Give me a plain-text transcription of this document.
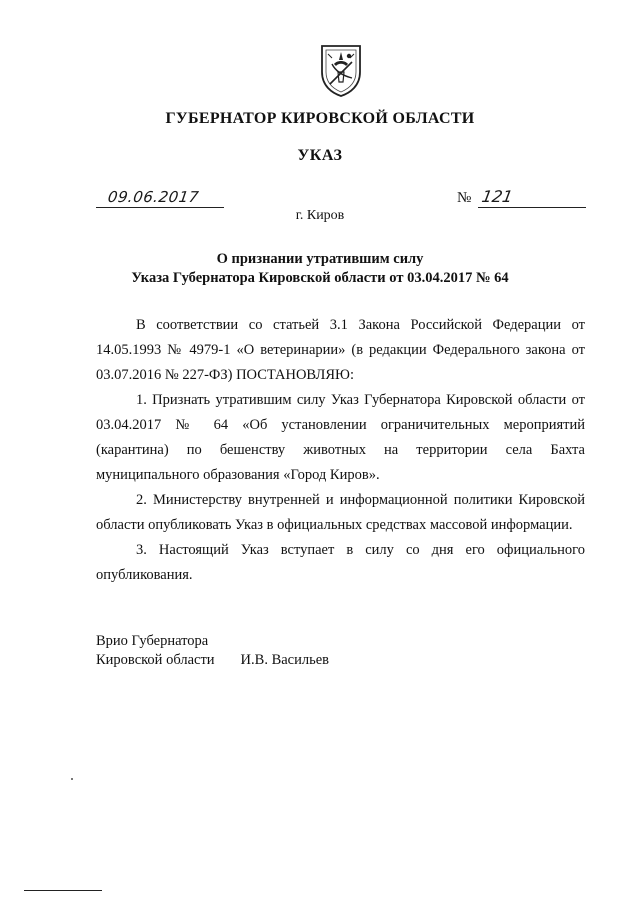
ГУБЕРНАТОР КИРОВСКОЙ ОБЛАСТИ
УКАЗ
09.06.2017	№ 121
г. Киров
О признании утратившим силу
Указа Губернатора Кировской области от 03.04.2017 № 64

В соответствии со статьей 3.1 Закона Российской Федерации от 14.05.1993 № 4979-1 «О ветеринарии» (в редакции Федерального закона от 03.07.2016 № 227-ФЗ) ПОСТАНОВЛЯЮ:

1. Признать утратившим силу Указ Губернатора Кировской области от 03.04.2017 № 64 «Об установлении ограничительных мероприятий (карантина) по бешенству животных на территории села Бахта муниципального образования «Город Киров».

2. Министерству внутренней и информационной политики Кировской области опубликовать Указ в официальных средствах массовой информации.

3. Настоящий Указ вступает в силу со дня его официального опубликования.

Врио Губернатора
Кировской области И.В. Васильев
